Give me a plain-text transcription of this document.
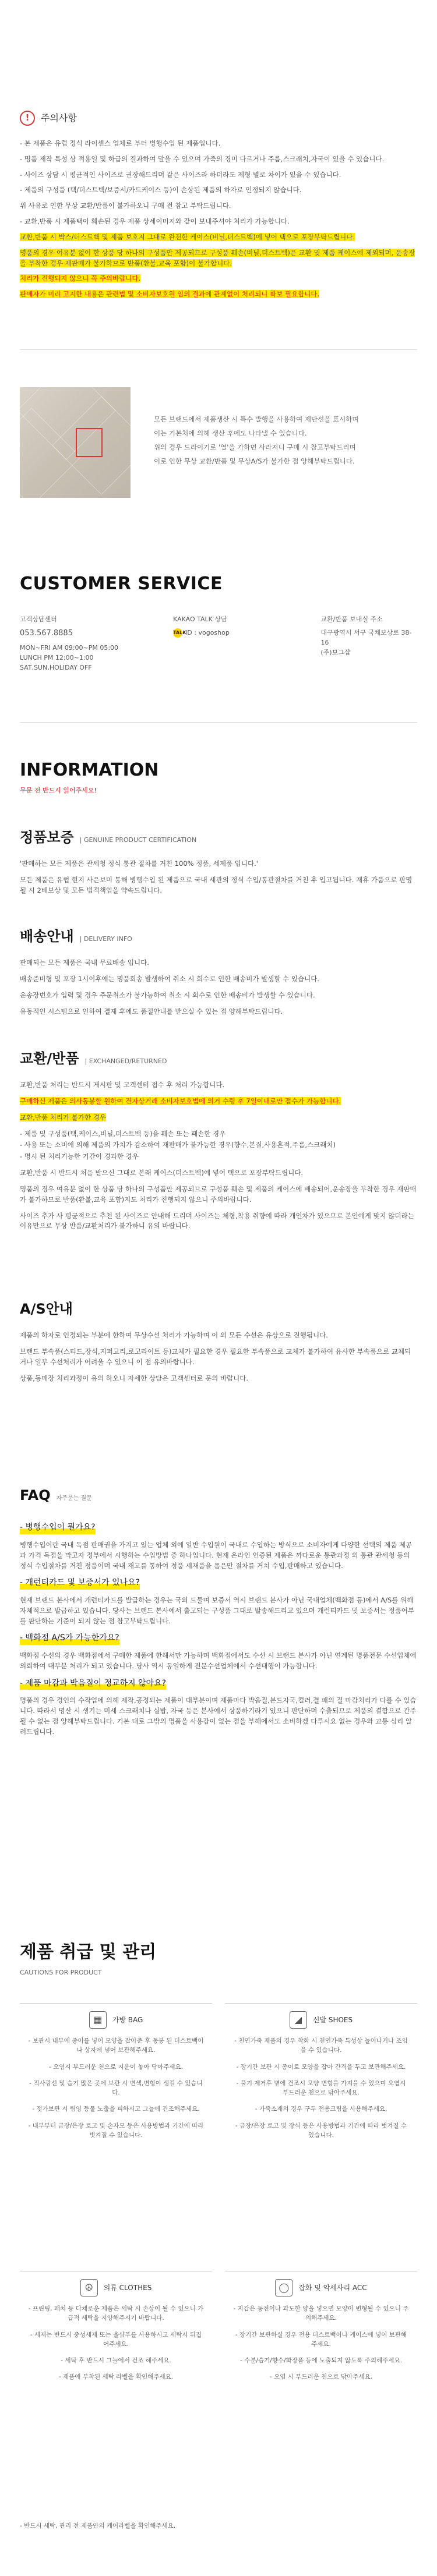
!	주의사항

- 본 제품은 유럽 정식 라이센스 업체로 부터 병행수입 된 제품입니다.

- 명품 제작 특성 상 적용일 및 하급의 결과하여 말을 수 있으며 가죽의 경미 다르거나 주름,스크래치,자국이 있을 수 있습니다.

- 사이즈 상담 시 평균적인 사이즈로 권장해드리며 같은 사이즈라 하더라도 제형 별로 차이가 있을 수 있습니다.

- 제품의 구성품 (택/더스트백/보증서/카드케이스 등)이 손상된 제품의 하자로 인정되지 않습니다.

위 사유로 인한 무상 교환/반품이 불가하오니 구매 전 참고 부탁드립니다.

- 교환,반품 시 제품택이 훼손된 경우 제품 상세이미지와 같이 보내주셔야 처리가 가능합니다.

교환,반품 시 박스/더스트백 및 제품 보호지 그대로 완전한 케이스(비닐,더스트백)에 넣어 택으로 포장부탁드립니다.

명품의 경우 여유분 없이 한 상품 당 하나의 구성품만 제공되므로 구성품 훼손(비닐,더스트백)은 교환 및 제품 케이스에 제외되며, 운송장을 부착한 경우 재판매가 불가하므로 반품(환불,교육 포함)이 불가합니다.

처리가 진행되지 않으니 꼭 주의바랍니다.

판매자가 미리 고지한 내용은 관련법 및 소비자보호원 임의 결과에 관계없이 처리되니 확보 필요합니다.

모든 브랜드에서 제품생산 시 특수 발행을 사용하여 제단선을 표시하며

이는 기본처에 의해 생산 후에도 나타낼 수 있습니다.

위의 경우 드라이기로 '열'을 가하면 사라지니 구매 시 참고부탁드리며

이로 인한 무상 교환/반품 및 무상A/S가 불가한 점 양해부탁드립니다.

CUSTOMER SERVICE
고객상담센터
053.567.8885
MON~FRI AM 09:00~PM 05:00
LUNCH PM 12:00~1:00
SAT,SUN,HOLIDAY OFF
KAKAO TALK 상담
TALKID : vogoshop
교환/반품 보내실 주소
대구광역시 서구 국채보상로 38-16
(주)보그샵
INFORMATION
무문 전 반드시 읽어주세요!
정품보증 | GENUINE PRODUCT CERTIFICATION

'판매하는 모든 제품은 관세청 정식 통관 절차를 거친 100% 정품, 세제품 입니다.'

모든 제품은 유럽 현지 사은보미 통해 병행수입 된 제품으로 국내 세관의 정식 수입/통관절차를 거친 후 입고됩니다. 재휴 가품으로 판명될 시 2배보상 및 모든 법적책임을 약속드립니다.

배송안내 | DELIVERY INFO

판매되는 모든 제품은 국내 무료배송 입니다.

배송준비형 및 포장 1시이후에는 명품회송 발생하여 취소 시 회수로 인한 배송비가 발생할 수 있습니다.

운송장번호가 입력 및 경우 주문취소가 불가능하여 취소 시 회수로 인한 배송비가 발생할 수 있습니다.

유동적인 시스템으로 인하여 결제 후에도 품절안내를 받으실 수 있는 점 양해부탁드립니다.

교환/반품 | EXCHANGED/RETURNED

교환,반품 처리는 반드시 게시판 및 고객센터 접수 후 처리 가능합니다.

구매하신 제품은 의사동봉할 원하여 전자상거래 소비자보호법에 의거 수령 후 7일이내로만 접수가 가능합니다.

교환,반품 처리가 불가한 경우

- 제품 및 구성품(택,케이스,비닐,더스트백 등)을 훼손 또는 패손한 경우

- 사용 또는 소비에 의해 제품의 가치가 감소하여 재판매가 불가능한 경우(향수,본질,사용흔적,주름,스크래치)

- 명시 된 처리기능한 기간이 경과한 경우

교환,반품 시 반드시 처음 받으신 그대로 본래 케이스(더스트백)에 넣어 택으로 포장부탁드립니다.

명품의 경우 여유분 없이 한 상품 당 하나의 구성품만 제공되므로 구성품 훼손 및 제품의 케이스에 배송되어,운송장을 부착한 경우 재판매가 불가하므로 반품(환불,교육 포함)지도 처리가 진행되지 않으니 주의바랍니다.

사이즈 추가 사 평균적으로 추천 된 사이즈로 안내해 드리며 사이즈는 체형,착용 취향에 따라 개인차가 있으므로 본인에게 맞지 않더라는 이유만으로 무상 반품/교환처리가 불가하니 유의 바랍니다.

A/S안내

제품의 하자로 인정되는 부분에 한하여 무상수선 처리가 가능하며 이 외 모든 수선은 유상으로 진행됩니다.

브랜드 부속품(스티드,장식,지퍼고리,로고라이트 등)교체가 필요한 경우 필요한 부속품으로 교체가 불가하여 유사한 부속품으로 교체되거나 일부 수선처리가 어려울 수 있으니 이 점 유의바랍니다.

상품,동매장 처리과정이 유의 하오니 자세한 상담은 고객센터로 문의 바랍니다.

FAQ 자주묻는 질문
- 병행수입이 뭔가요?

병행수입이란 국내 독점 판매권을 가지고 있는 업체 외에 일반 수입원이 국내로 수입하는 방식으로 소비자에게 다양한 선택의 제품 제공과 가격 독점을 막고자 정부에서 시행하는 수입방법 중 하나입니다. 현재 온라인 인증된 제품은 까다로운 통관과정 외 통관 관세청 등의 정식 수입절차를 거친 정품이며 국내 재고를 통하여 정품 세재품을 폼은만 절차를 거쳐 수입,판매하고 있습니다.

- 개런티카드 및 보증서가 있나요?

현재 브랜드 본사에서 개런티카드를 발급하는 경우는 국외 드물며 보증서 역시 브랜드 본사가 아닌 국내업체(백화점 등)에서 A/S를 위해 자체적으로 발급하고 있습니다. 당사는 브랜드 본사에서 출고되는 구성품 그대로 발송해드리고 있으며 개런티카드 및 보증서는 정품여부를 판단하는 기준이 되지 않는 점 참고부탁드립니다.

- 백화점 A/S가 가능한가요?

백화점 수선의 경우 백화점에서 구매한 제품에 한해서만 가능하며 백화점에서도 수선 시 브랜드 본사가 아닌 연계된 명품전문 수선업체에 의뢰하여 대부분 처리가 되고 있습니다. 당사 역시 동일하게 전문수선업체에서 수선대행이 가능합니다.

- 제품 마감과 박음질이 정교하지 않아요?

명품의 경우 경인의 수작업에 의해 제작,공정되는 제품이 대부분이며 제품마다 박음질,본드자국,컬러,결 패의 질 마감처리가 다를 수 있습니다. 따라서 명산 시 생기는 미세 스크래치나 실밥, 자국 등은 본사에서 상품하기라기 있으니 판단하며 수출되므로 제품의 결함으로 간주될 수 없는 점 양해부탁드립니다. 기본 대로 그밖의 명품을 사용감이 없는 점을 부해에서도 소비하겠 다루시요 없는 경우와 교통 심리 알려드립니다.

제품 취급 및 관리
CAUTIONS FOR PRODUCT
▦	가방 BAG
- 보관시 내부에 종이를 넣어 모양을 잡아준 후 동봉 된 더스트백이나 상자에 넣어 보관해주세요.
- 오염시 부드러운 천으로 지운이 놓아 닦아주세요.
- 직사광선 및 습기 많은 곳에 보관 시 변색,변형이 생길 수 있습니다.
- 젖가보관 시 팀잉 등물 노출을 피하시고 그늘에 건조해주세요.
- 내부부터 금장/은장 로고 및 손자모 등은 사용방법과 기간에 따라 벗겨질 수 있습니다.
◢	신발 SHOES
- 천연가죽 제품의 경우 착화 시 천연가죽 특성상 늘어나거나 조임을 수 있습니다.
- 장기간 보관 시 종이로 모양을 잡아 간격을 두고 보관해주세요.
- 물기 제거후 볕에 건조시 모양 변형을 가져을 수 있으며 오염시 부드러운 천으로 닦아주세요.
- 가죽소재의 경우 구두 전용크림을 사용해주세요.
- 금장/은장 로고 및 장식 등은 사용방법과 기간에 따라 벗겨질 수 있습니다.
☮	의류 CLOTHES
- 프린팅, 패치 등 다채로운 제품은 세탁 시 손상이 될 수 있으니 가급적 세탁을 지양해주시기 바랍니다.
- 세제는 반드시 중성세제 또는 울샴푸를 사용하시고 세탁시 뒤집어주세요.
- 세탁 후 반드시 그늘에서 건조 해주세요.
- 제품에 부착된 세탁 라벨을 확인해주세요.
◯	잡화 및 악세사리 ACC
- 지갑은 동전이나 과도한 양을 넣으면 모양이 변형될 수 있으니 주의해주세요.
- 장기간 보관하실 경우 전용 더스트백이나 케이스에 넣어 보관해주세요.
- 수분/습기/향수/화장품 등에 노출되지 않도록 주의해주세요.
- 오염 시 부드러운 천으로 닦아주세요.

- 반드시 세탁, 관리 전 제품안의 케어라벨을 확인해주세요.
